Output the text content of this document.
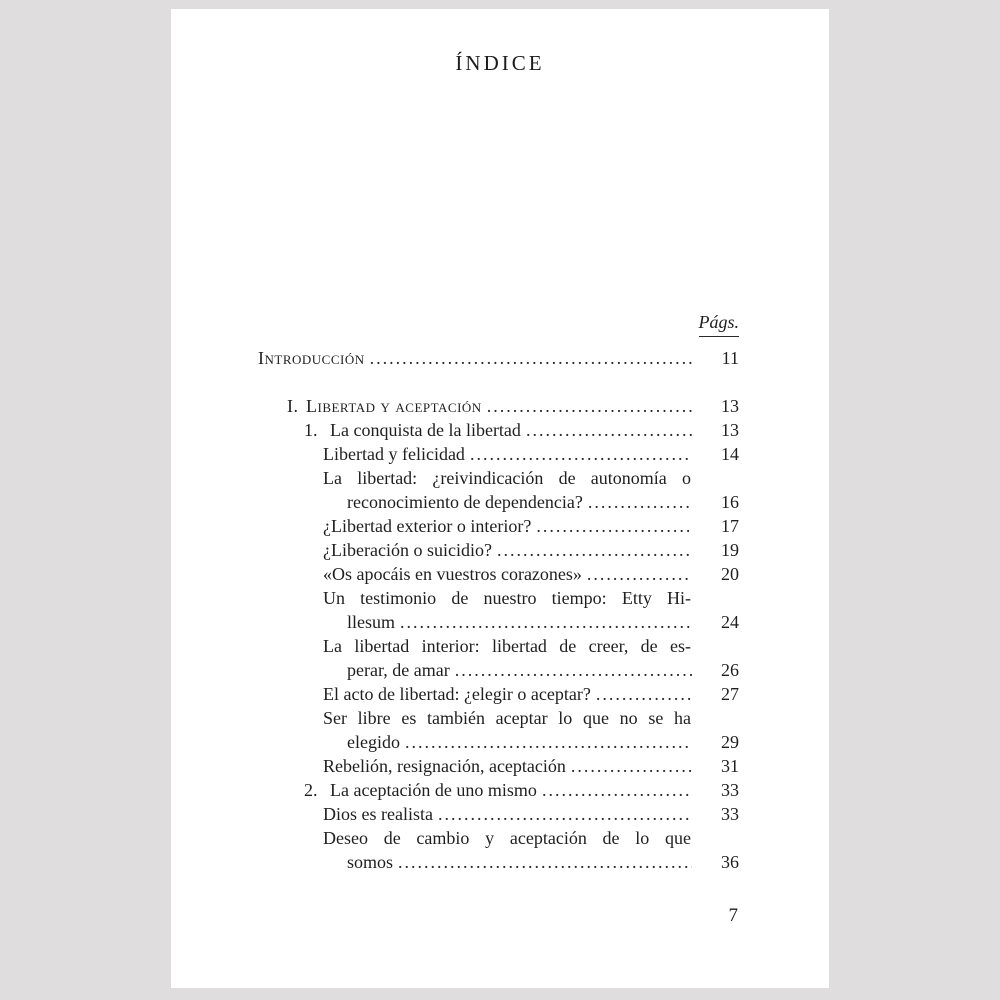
ÍNDICE
Págs.
Introducción .....	11
I. Libertad y aceptación .....	13
1. La conquista de la libertad .....	13
Libertad y felicidad .....	14
La libertad: ¿reivindicación de autonomía o
reconocimiento de dependencia? .....	16
¿Libertad exterior o interior? .....	17
¿Liberación o suicidio? .....	19
«Os apocáis en vuestros corazones» .....	20
Un testimonio de nuestro tiempo: Etty Hi-
llesum .....	24
La libertad interior: libertad de creer, de es-
perar, de amar .....	26
El acto de libertad: ¿elegir o aceptar? .....	27
Ser libre es también aceptar lo que no se ha
elegido .....	29
Rebelión, resignación, aceptación .....	31
2. La aceptación de uno mismo .....	33
Dios es realista .....	33
Deseo de cambio y aceptación de lo que
somos .....	36
7
